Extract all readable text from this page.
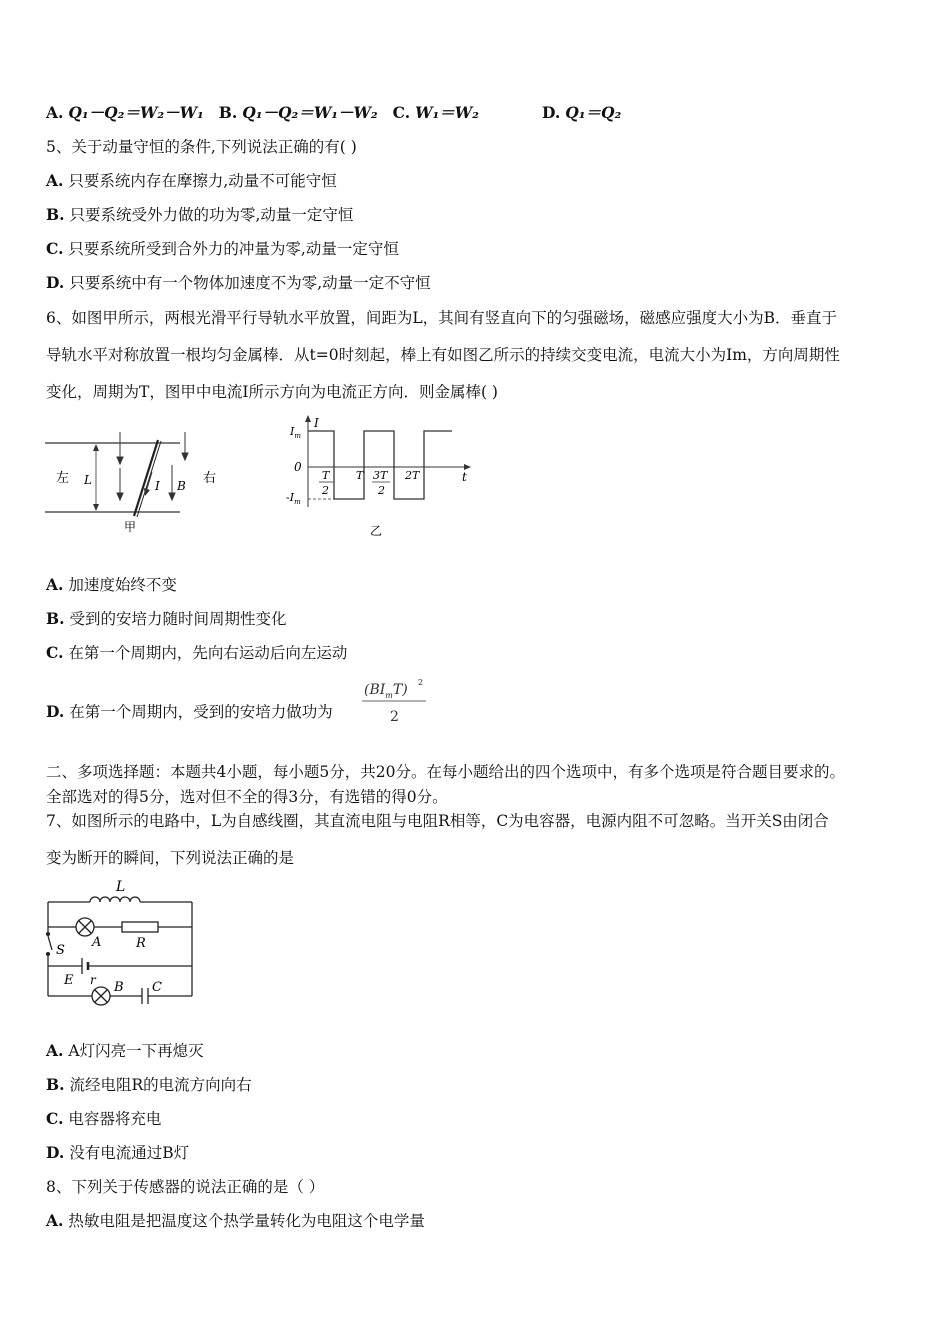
A. Q₁－Q₂＝W₂－W₁ B. Q₁－Q₂＝W₁－W₂ C. W₁＝W₂	D. Q₁＝Q₂
5、关于动量守恒的条件,下列说法正确的有( )
A. 只要系统内存在摩擦力,动量不可能守恒
B. 只要系统受外力做的功为零,动量一定守恒
C. 只要系统所受到合外力的冲量为零,动量一定守恒
D. 只要系统中有一个物体加速度不为零,动量一定不守恒
6、如图甲所示，两根光滑平行导轨水平放置，间距为L，其间有竖直向下的匀强磁场，磁感应强度大小为B．垂直于
导轨水平对称放置一根均匀金属棒．从t=0时刻起，棒上有如图乙所示的持续交变电流，电流大小为Im，方向周期性
变化，周期为T，图甲中电流I所示方向为电流正方向．则金属棒( )
左	右
L	I B
甲
I
$I_m$
$-I_m$
0
t
T
2
T 3T
2
2T
乙
A. 加速度始终不变
B. 受到的安培力随时间周期性变化
C. 在第一个周期内，先向右运动后向左运动
D. 在第一个周期内，受到的安培力做功为
$(BI_mT)$ 2
2
二、多项选择题：本题共4小题，每小题5分，共20分。在每小题给出的四个选项中，有多个选项是符合题目要求的。
全部选对的得5分，选对但不全的得3分，有选错的得0分。
7、如图所示的电路中，L为自感线圈，其直流电阻与电阻R相等，C为电容器，电源内阻不可忽略。当开关S由闭合
变为断开的瞬间，下列说法正确的是
L
A	R
S
E r B C
A. A灯闪亮一下再熄灭
B. 流经电阻R的电流方向向右
C. 电容器将充电
D. 没有电流通过B灯
8、下列关于传感器的说法正确的是（ ）
A. 热敏电阻是把温度这个热学量转化为电阻这个电学量
